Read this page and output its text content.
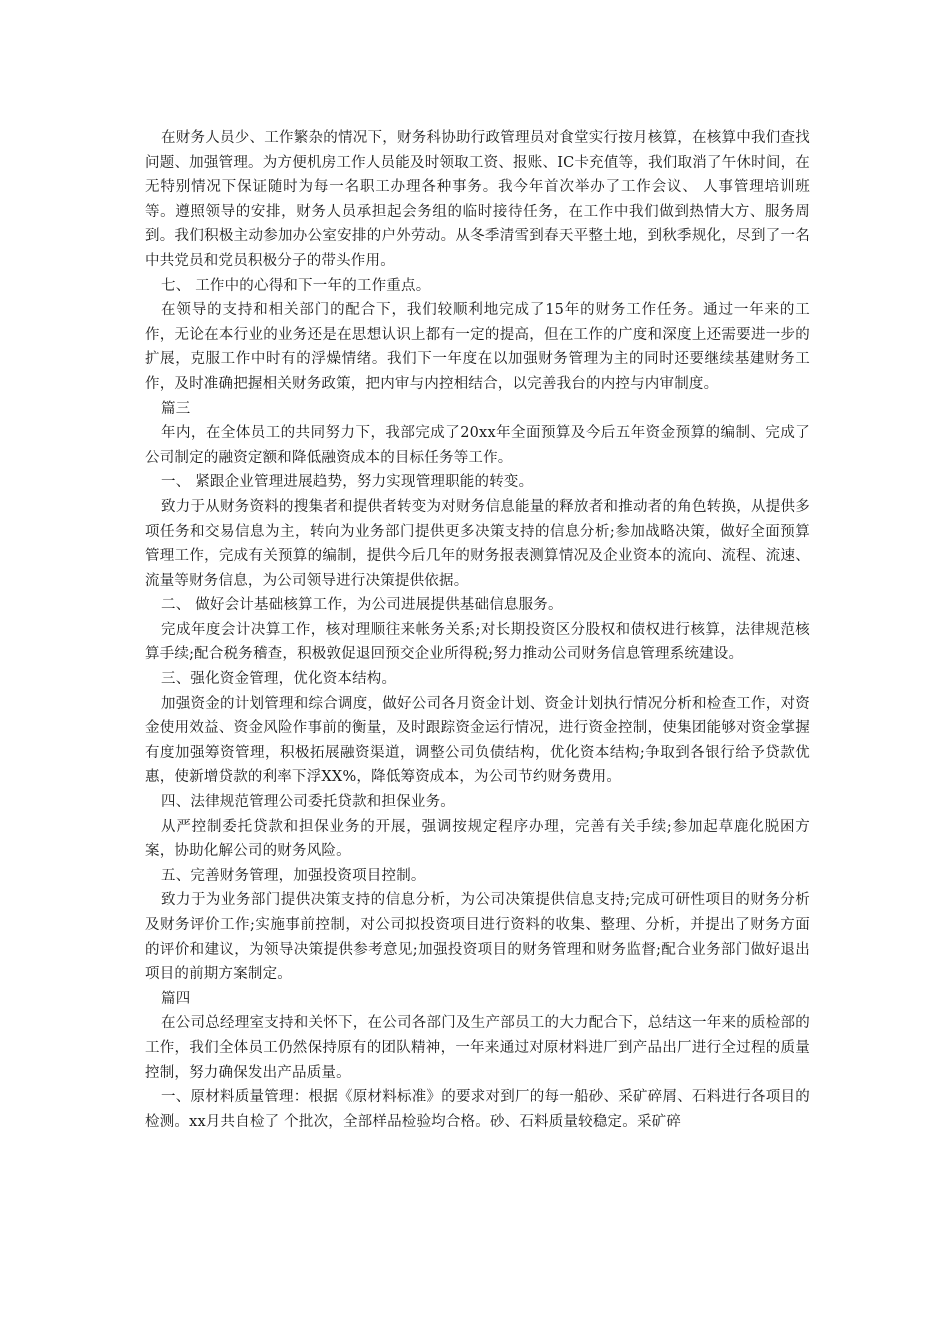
在财务人员少、工作繁杂的情况下，财务科协助行政管理员对食堂实行按月核算，在核算中我们查找问题、加强管理。为方便机房工作人员能及时领取工资、报账、IC卡充值等，我们取消了午休时间，在无特别情况下保证随时为每一名职工办理各种事务。我今年首次举办了工作会议、 人事管理培训班等。遵照领导的安排，财务人员承担起会务组的临时接待任务，在工作中我们做到热情大方、服务周到。我们积极主动参加办公室安排的户外劳动。从冬季清雪到春天平整土地，到秋季规化，尽到了一名中共党员和党员积极分子的带头作用。

七、 工作中的心得和下一年的工作重点。

在领导的支持和相关部门的配合下，我们较顺利地完成了15年的财务工作任务。通过一年来的工作，无论在本行业的业务还是在思想认识上都有一定的提高，但在工作的广度和深度上还需要进一步的扩展，克服工作中时有的浮燥情绪。我们下一年度在以加强财务管理为主的同时还要继续基建财务工作，及时准确把握相关财务政策，把内审与内控相结合，以完善我台的内控与内审制度。

篇三

年内，在全体员工的共同努力下，我部完成了20xx年全面预算及今后五年资金预算的编制、完成了公司制定的融资定额和降低融资成本的目标任务等工作。

一、 紧跟企业管理进展趋势，努力实现管理职能的转变。

致力于从财务资料的搜集者和提供者转变为对财务信息能量的释放者和推动者的角色转换，从提供多项任务和交易信息为主，转向为业务部门提供更多决策支持的信息分析;参加战略决策，做好全面预算管理工作，完成有关预算的编制，提供今后几年的财务报表测算情况及企业资本的流向、流程、流速、流量等财务信息，为公司领导进行决策提供依据。

二、 做好会计基础核算工作，为公司进展提供基础信息服务。

完成年度会计决算工作，核对理顺往来帐务关系;对长期投资区分股权和债权进行核算，法律规范核算手续;配合税务稽查，积极敦促退回预交企业所得税;努力推动公司财务信息管理系统建设。

三、强化资金管理，优化资本结构。

加强资金的计划管理和综合调度，做好公司各月资金计划、资金计划执行情况分析和检查工作，对资金使用效益、资金风险作事前的衡量，及时跟踪资金运行情况，进行资金控制，使集团能够对资金掌握有度加强筹资管理，积极拓展融资渠道，调整公司负债结构，优化资本结构;争取到各银行给予贷款优惠，使新增贷款的利率下浮XX%，降低筹资成本，为公司节约财务费用。

四、法律规范管理公司委托贷款和担保业务。

从严控制委托贷款和担保业务的开展，强调按规定程序办理，完善有关手续;参加起草鹿化脱困方案，协助化解公司的财务风险。

五、完善财务管理，加强投资项目控制。

致力于为业务部门提供决策支持的信息分析，为公司决策提供信息支持;完成可研性项目的财务分析及财务评价工作;实施事前控制，对公司拟投资项目进行资料的收集、整理、分析，并提出了财务方面的评价和建议，为领导决策提供参考意见;加强投资项目的财务管理和财务监督;配合业务部门做好退出项目的前期方案制定。

篇四

在公司总经理室支持和关怀下，在公司各部门及生产部员工的大力配合下，总结这一年来的质检部的工作，我们全体员工仍然保持原有的团队精神，一年来通过对原材料进厂到产品出厂进行全过程的质量控制，努力确保发出产品质量。

一、原材料质量管理：根据《原材料标准》的要求对到厂的每一船砂、采矿碎屑、石料进行各项目的检测。xx月共自检了 个批次，全部样品检验均合格。砂、石料质量较稳定。采矿碎
